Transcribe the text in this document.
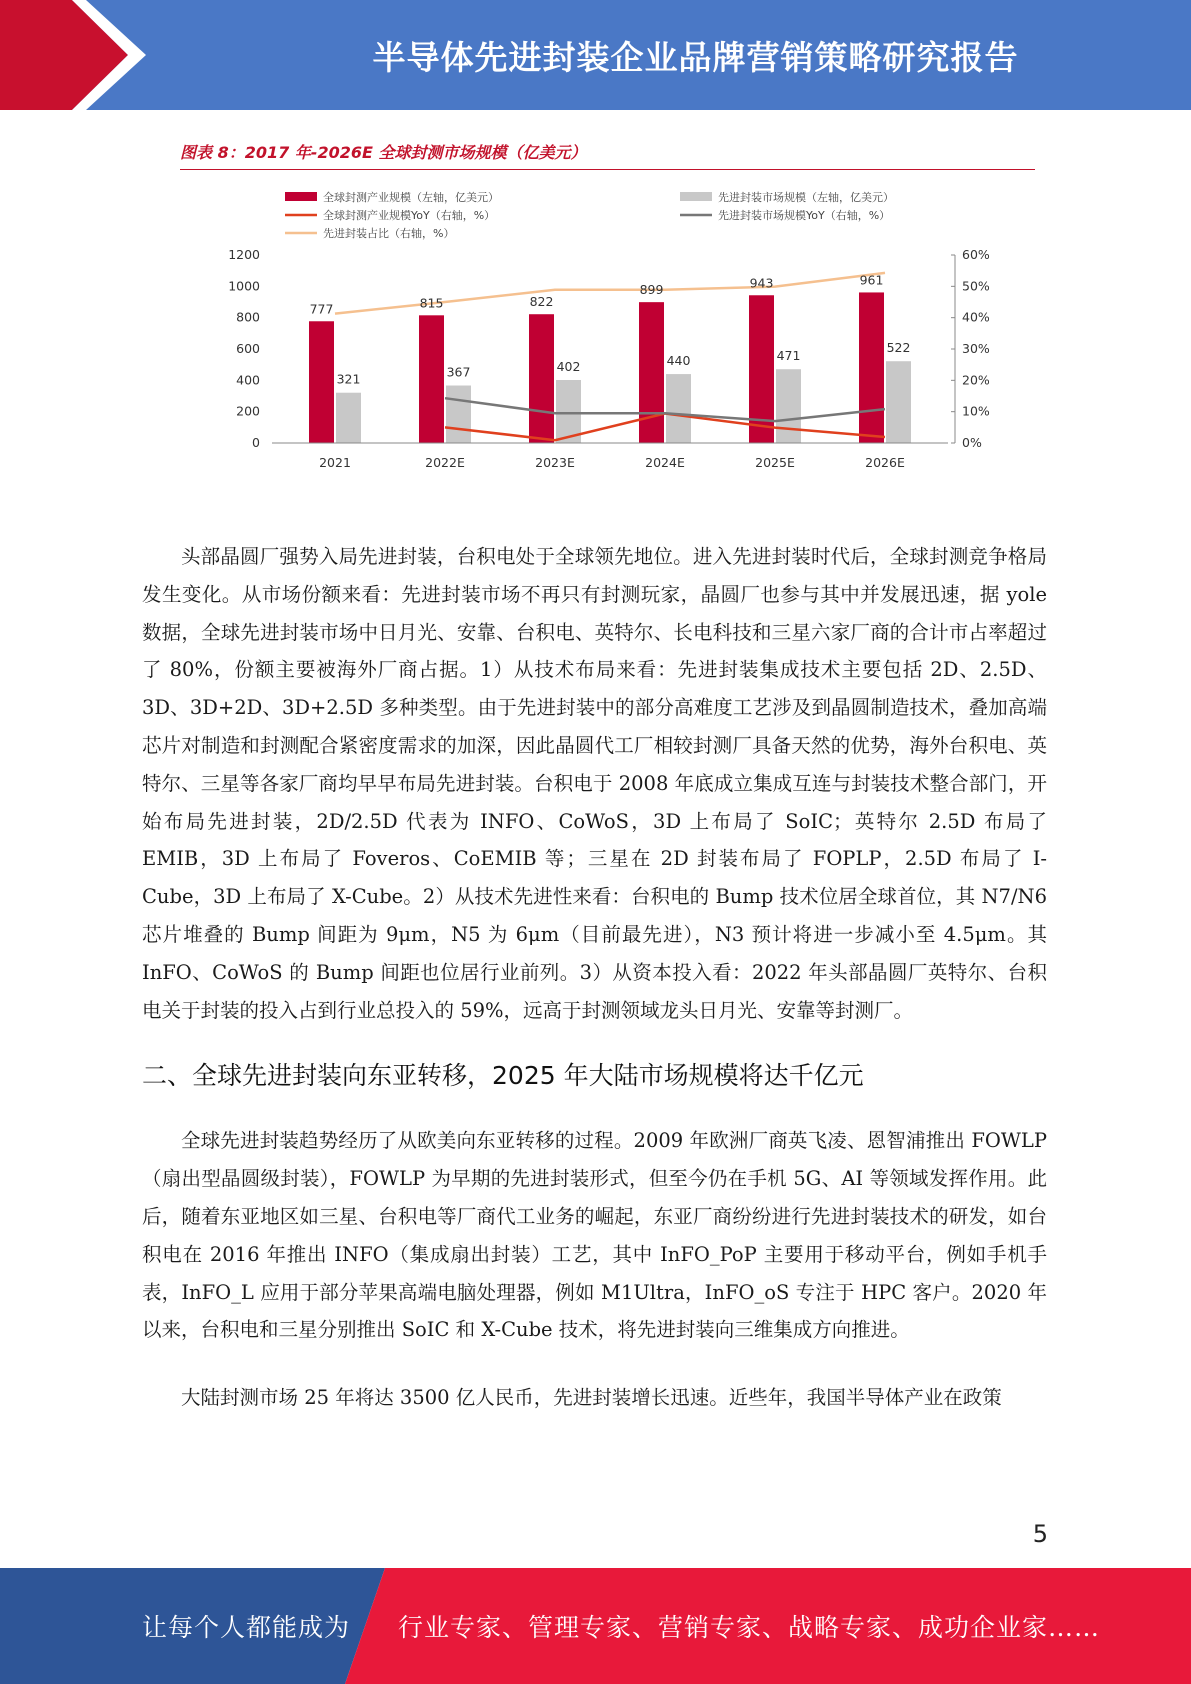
半导体先进封装企业品牌营销策略研究报告
图表 8：2017 年-2026E 全球封测市场规模（亿美元）
全球封测产业规模（左轴，亿美元）	先进封装市场规模（左轴，亿美元）
全球封测产业规模YoY（右轴，%）	先进封装市场规模YoY（右轴，%）
先进封装占比（右轴，%）
777	815	822
899	943	961
321	367	402	440	471
522
0
200
400
600
800
1000
1200
0%
10%
20%
30%
40%
50%
60%
2021	2022E	2023E	2024E	2025E	2026E

头部晶圆厂强势入局先进封装，台积电处于全球领先地位。进入先进封装时代后，全球封测竞争格局发生变化。从市场份额来看：先进封装市场不再只有封测玩家，晶圆厂也参与其中并发展迅速，据 yole 数据，全球先进封装市场中日月光、安靠、台积电、英特尔、长电科技和三星六家厂商的合计市占率超过了 80%，份额主要被海外厂商占据。1）从技术布局来看：先进封装集成技术主要包括 2D、2.5D、3D、3D+2D、3D+2.5D 多种类型。由于先进封装中的部分高难度工艺涉及到晶圆制造技术，叠加高端芯片对制造和封测配合紧密度需求的加深，因此晶圆代工厂相较封测厂具备天然的优势，海外台积电、英特尔、三星等各家厂商均早早布局先进封装。台积电于 2008 年底成立集成互连与封装技术整合部门，开始布局先进封装，2D/2.5D 代表为 INFO、CoWoS，3D 上布局了 SoIC；英特尔 2.5D 布局了 EMIB，3D 上布局了 Foveros、CoEMIB 等；三星在 2D 封装布局了 FOPLP，2.5D 布局了 I-Cube，3D 上布局了 X-Cube。2）从技术先进性来看：台积电的 Bump 技术位居全球首位，其 N7/N6 芯片堆叠的 Bump 间距为 9μm，N5 为 6μm（目前最先进），N3 预计将进一步减小至 4.5μm。其 InFO、CoWoS 的 Bump 间距也位居行业前列。3）从资本投入看：2022 年头部晶圆厂英特尔、台积电关于封装的投入占到行业总投入的 59%，远高于封测领域龙头日月光、安靠等封测厂。

二、全球先进封装向东亚转移，2025 年大陆市场规模将达千亿元

全球先进封装趋势经历了从欧美向东亚转移的过程。2009 年欧洲厂商英飞凌、恩智浦推出 FOWLP（扇出型晶圆级封装），FOWLP 为早期的先进封装形式，但至今仍在手机 5G、AI 等领域发挥作用。此后，随着东亚地区如三星、台积电等厂商代工业务的崛起，东亚厂商纷纷进行先进封装技术的研发，如台积电在 2016 年推出 INFO（集成扇出封装）工艺，其中 InFO_PoP 主要用于移动平台，例如手机手表，InFO_L 应用于部分苹果高端电脑处理器，例如 M1Ultra，InFO_oS 专注于 HPC 客户。2020 年以来，台积电和三星分别推出 SoIC 和 X-Cube 技术，将先进封装向三维集成方向推进。

大陆封测市场 25 年将达 3500 亿人民币，先进封装增长迅速。近些年，我国半导体产业在政策

5
让每个人都能成为 行业专家、管理专家、营销专家、战略专家、成功企业家……
